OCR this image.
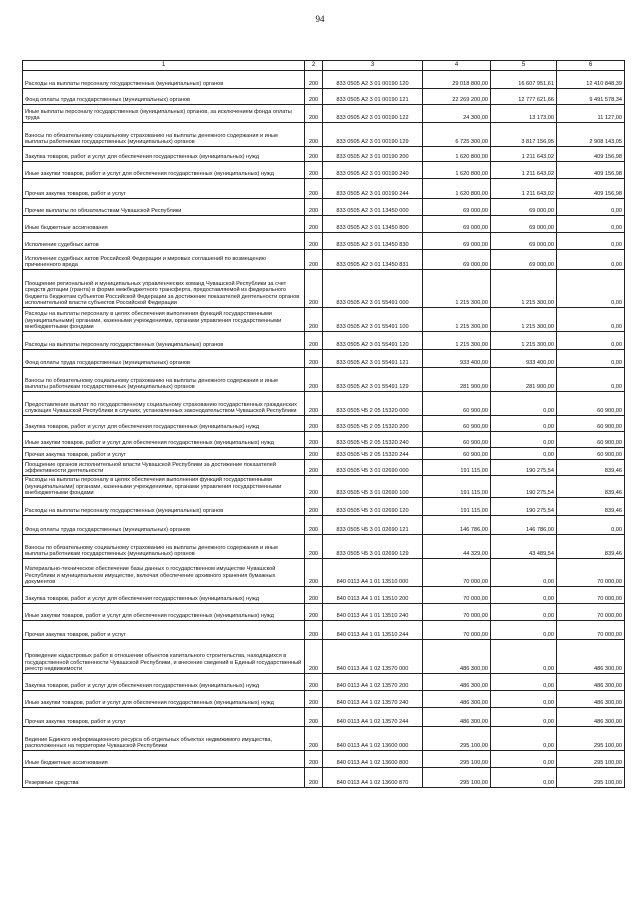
94
1	2	3	4	5	6
Расходы на выплаты персоналу государственных (муниципальных) органов	200	833 0505 А2 3 01 00190 120	29 018 800,00	16 607 951,61	12 410 848,39
Фонд оплаты труда государственных (муниципальных) органов	200	833 0505 А2 3 01 00190 121	22 269 200,00	12 777 621,66	9 491 578,34
Иные выплаты персоналу государственных (муниципальных) органов, за исключением фонда оплаты труда	200	833 0505 А2 3 01 00190 122	24 300,00	13 173,00	11 127,00
Взносы по обязательному социальному страхованию на выплаты денежного содержания и иные выплаты работникам государственных (муниципальных) органов	200	833 0505 А2 3 01 00190 129	6 725 300,00	3 817 156,95	2 908 143,05
Закупка товаров, работ и услуг для обеспечения государственных (муниципальных) нужд	200	833 0505 А2 3 01 00190 200	1 620 800,00	1 211 643,02	409 156,98
Иные закупки товаров, работ и услуг для обеспечения государственных (муниципальных) нужд	200	833 0505 А2 3 01 00190 240	1 620 800,00	1 211 643,02	409 156,98
Прочая закупка товаров, работ и услуг	200	833 0505 А2 3 01 00190 244	1 620 800,00	1 211 643,02	409 156,98
Прочие выплаты по обязательствам Чувашской Республики	200	833 0505 А2 3 01 13450 000	69 000,00	69 000,00	0,00
Иные бюджетные ассигнования	200	833 0505 А2 3 01 13450 800	69 000,00	69 000,00	0,00
Исполнение судебных актов	200	833 0505 А2 3 01 13450 830	69 000,00	69 000,00	0,00
Исполнение судебных актов Российской Федерации и мировых соглашений по возмещению причиненного вреда	200	833 0505 А2 3 01 13450 831	69 000,00	69 000,00	0,00
Поощрение региональной и муниципальных управленческих команд Чувашской Республики за счет средств дотации (гранта) в форме межбюджетного трансферта, предоставляемой из федерального бюджета бюджетам субъектов Российской Федерации за достижение показателей деятельности органов исполнительной власти субъектов Российской Федерации	200	833 0505 А2 3 01 55491 000	1 215 300,00	1 215 300,00	0,00
Расходы на выплаты персоналу в целях обеспечения выполнения функций государственными (муниципальными) органами, казенными учреждениями, органами управления государственными внебюджетными фондами	200	833 0505 А2 3 01 55491 100	1 215 300,00	1 215 300,00	0,00
Расходы на выплаты персоналу государственных (муниципальных) органов	200	833 0505 А2 3 01 55491 120	1 215 300,00	1 215 300,00	0,00
Фонд оплаты труда государственных (муниципальных) органов	200	833 0505 А2 3 01 55491 121	933 400,00	933 400,00	0,00
Взносы по обязательному социальному страхованию на выплаты денежного содержания и иные выплаты работникам государственных (муниципальных) органов	200	833 0505 А2 3 01 55491 129	281 900,00	281 900,00	0,00
Предоставление выплат по государственному социальному страхованию государственных гражданских служащих Чувашской Республики в случаях, установленных законодательством Чувашской Республики	200	833 0505 Ч5 2 05 15320 000	60 900,00	0,00	60 900,00
Закупка товаров, работ и услуг для обеспечения государственных (муниципальных) нужд	200	833 0505 Ч5 2 05 15320 200	60 900,00	0,00	60 900,00
Иные закупки товаров, работ и услуг для обеспечения государственных (муниципальных) нужд	200	833 0505 Ч5 2 05 15320 240	60 900,00	0,00	60 900,00
Прочая закупка товаров, работ и услуг	200	833 0505 Ч5 2 05 15320 244	60 900,00	0,00	60 900,00
Поощрение органов исполнительной власти Чувашской Республики за достижение показателей эффективности деятельности	200	833 0505 Ч5 3 01 02690 000	191 115,00	190 275,54	839,46
Расходы на выплаты персоналу в целях обеспечения выполнения функций государственными (муниципальными) органами, казенными учреждениями, органами управления государственными внебюджетными фондами	200	833 0505 Ч5 3 01 02690 100	191 115,00	190 275,54	839,46
Расходы на выплаты персоналу государственных (муниципальных) органов	200	833 0505 Ч5 3 01 02690 120	191 115,00	190 275,54	839,46
Фонд оплаты труда государственных (муниципальных) органов	200	833 0505 Ч5 3 01 02690 121	146 786,00	146 786,00	0,00
Взносы по обязательному социальному страхованию на выплаты денежного содержания и иные выплаты работникам государственных (муниципальных) органов	200	833 0505 Ч5 3 01 02690 129	44 329,00	43 489,54	839,46
Материально-техническое обеспечение базы данных о государственном имуществе Чувашской Республики и муниципальном имуществе, включая обеспечение архивного хранения бумажных документов	200	840 0113 А4 1 01 13510 000	70 000,00	0,00	70 000,00
Закупка товаров, работ и услуг для обеспечения государственных (муниципальных) нужд	200	840 0113 А4 1 01 13510 200	70 000,00	0,00	70 000,00
Иные закупки товаров, работ и услуг для обеспечения государственных (муниципальных) нужд	200	840 0113 А4 1 01 13510 240	70 000,00	0,00	70 000,00
Прочая закупка товаров, работ и услуг	200	840 0113 А4 1 01 13510 244	70 000,00	0,00	70 000,00
Проведение кадастровых работ в отношении объектов капитального строительства, находящихся в государственной собственности Чувашской Республики, и внесение сведений в Единый государственный реестр недвижимости	200	840 0113 А4 1 02 13570 000	486 300,00	0,00	486 300,00
Закупка товаров, работ и услуг для обеспечения государственных (муниципальных) нужд	200	840 0113 А4 1 02 13570 200	486 300,00	0,00	486 300,00
Иные закупки товаров, работ и услуг для обеспечения государственных (муниципальных) нужд	200	840 0113 А4 1 02 13570 240	486 300,00	0,00	486 300,00
Прочая закупка товаров, работ и услуг	200	840 0113 А4 1 02 13570 244	486 300,00	0,00	486 300,00
Ведение Единого информационного ресурса об отдельных объектах недвижимого имущества, расположенных на территории Чувашской Республики	200	840 0113 А4 1 02 13600 000	295 100,00	0,00	295 100,00
Иные бюджетные ассигнования	200	840 0113 А4 1 02 13600 800	295 100,00	0,00	295 100,00
Резервные средства	200	840 0113 А4 1 02 13600 870	295 100,00	0,00	295 100,00
